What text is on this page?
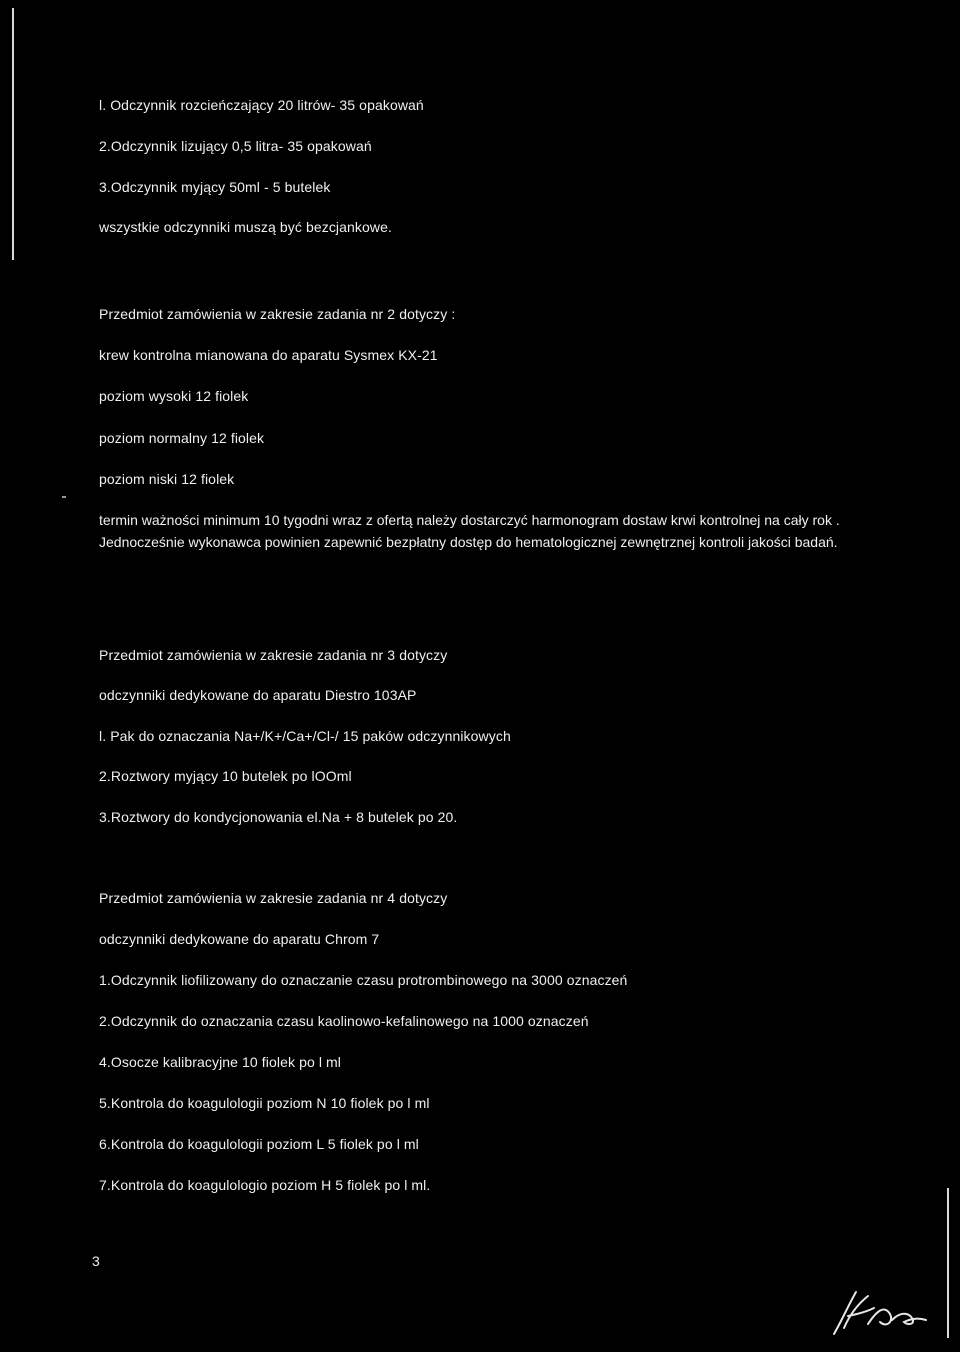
l. Odczynnik rozcieńczający 20 litrów- 35 opakowań
2.Odczynnik lizujący 0,5 litra- 35 opakowań
3.Odczynnik myjący 50ml - 5 butelek
wszystkie odczynniki muszą być bezcjankowe.
Przedmiot zamówienia w zakresie zadania nr 2 dotyczy :
krew kontrolna mianowana do aparatu Sysmex KX-21
poziom wysoki 12 fiolek
poziom normalny 12 fiolek
poziom niski 12 fiolek
termin ważności minimum 10 tygodni wraz z ofertą należy dostarczyć harmonogram dostaw krwi kontrolnej na cały rok . Jednocześnie wykonawca powinien zapewnić bezpłatny dostęp do hematologicznej zewnętrznej kontroli jakości badań.
Przedmiot zamówienia w zakresie zadania nr 3 dotyczy
odczynniki dedykowane do aparatu Diestro 103AP
l. Pak do oznaczania Na+/K+/Ca+/Cl-/ 15 paków odczynnikowych
2.Roztwory myjący 10 butelek po lOOml
3.Roztwory do kondycjonowania el.Na + 8 butelek po 20.
Przedmiot zamówienia w zakresie zadania nr 4 dotyczy
odczynniki dedykowane do aparatu Chrom 7
1.Odczynnik liofilizowany do oznaczanie czasu protrombinowego na 3000 oznaczeń
2.Odczynnik do oznaczania czasu kaolinowo-kefalinowego na 1000 oznaczeń
4.Osocze kalibracyjne 10 fiolek po l ml
5.Kontrola do koagulologii poziom N 10 fiolek po l ml
6.Kontrola do koagulologii poziom L 5 fiolek po l ml
7.Kontrola do koagulologio poziom H 5 fiolek po l ml.
3
